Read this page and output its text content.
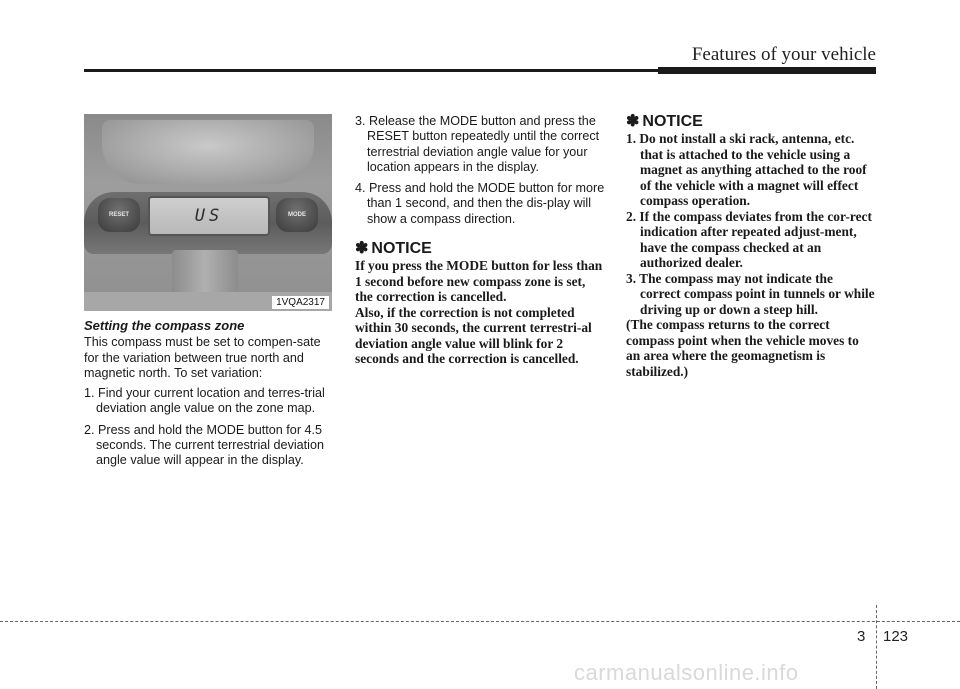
Features of your vehicle
RESET	US	MODE
1VQA2317

Setting the compass zone

This compass must be set to compen-sate for the variation between true north and magnetic north. To set variation:

1. Find your current location and terres-trial deviation angle value on the zone map.
2. Press and hold the MODE button for 4.5 seconds. The current terrestrial deviation angle value will appear in the display.
3. Release the MODE button and press the RESET button repeatedly until the correct terrestrial deviation angle value for your location appears in the display.
4. Press and hold the MODE button for more than 1 second, and then the dis-play will show a compass direction.
✽ NOTICE

If you press the MODE button for less than 1 second before new compass zone is set, the correction is cancelled.

Also, if the correction is not completed within 30 seconds, the current terrestri-al deviation angle value will blink for 2 seconds and the correction is cancelled.

✽ NOTICE
1. Do not install a ski rack, antenna, etc. that is attached to the vehicle using a magnet as anything attached to the roof of the vehicle with a magnet will effect compass operation.
2. If the compass deviates from the cor-rect indication after repeated adjust-ment, have the compass checked at an authorized dealer.
3. The compass may not indicate the correct compass point in tunnels or while driving up or down a steep hill.

(The compass returns to the correct compass point when the vehicle moves to an area where the geomagnetism is stabilized.)

3 123
carmanualsonline.info
